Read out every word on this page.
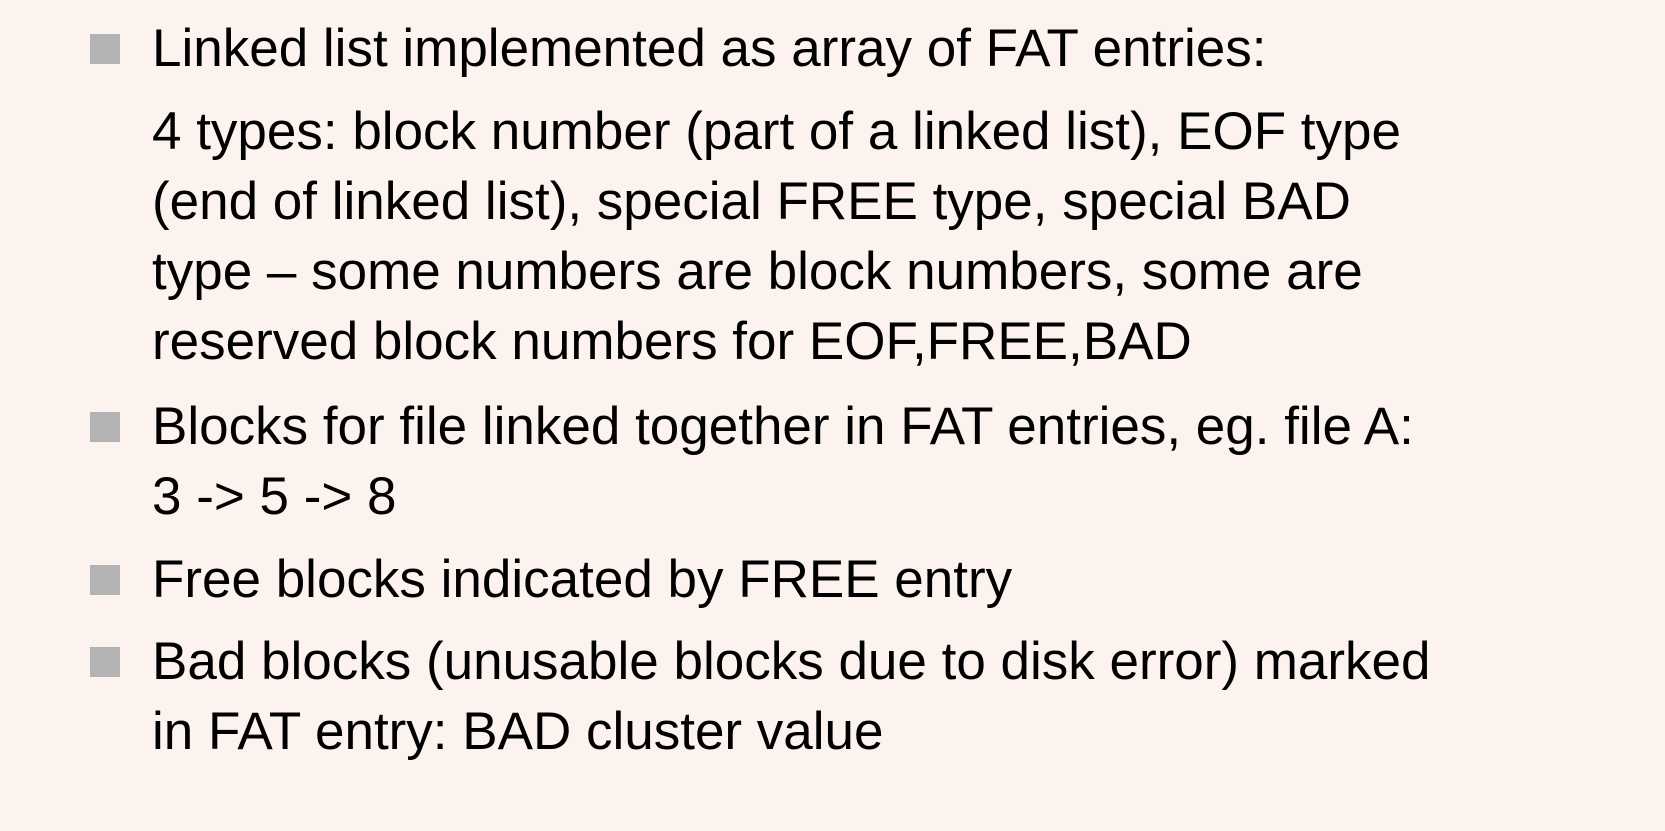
Linked list implemented as array of FAT entries:
4 types: block number (part of a linked list), EOF type
(end of linked list), special FREE type, special BAD
type – some numbers are block numbers, some are
reserved block numbers for EOF,FREE,BAD
Blocks for file linked together in FAT entries, eg. file A:
3 -> 5 -> 8
Free blocks indicated by FREE entry
Bad blocks (unusable blocks due to disk error) marked
in FAT entry: BAD cluster value
